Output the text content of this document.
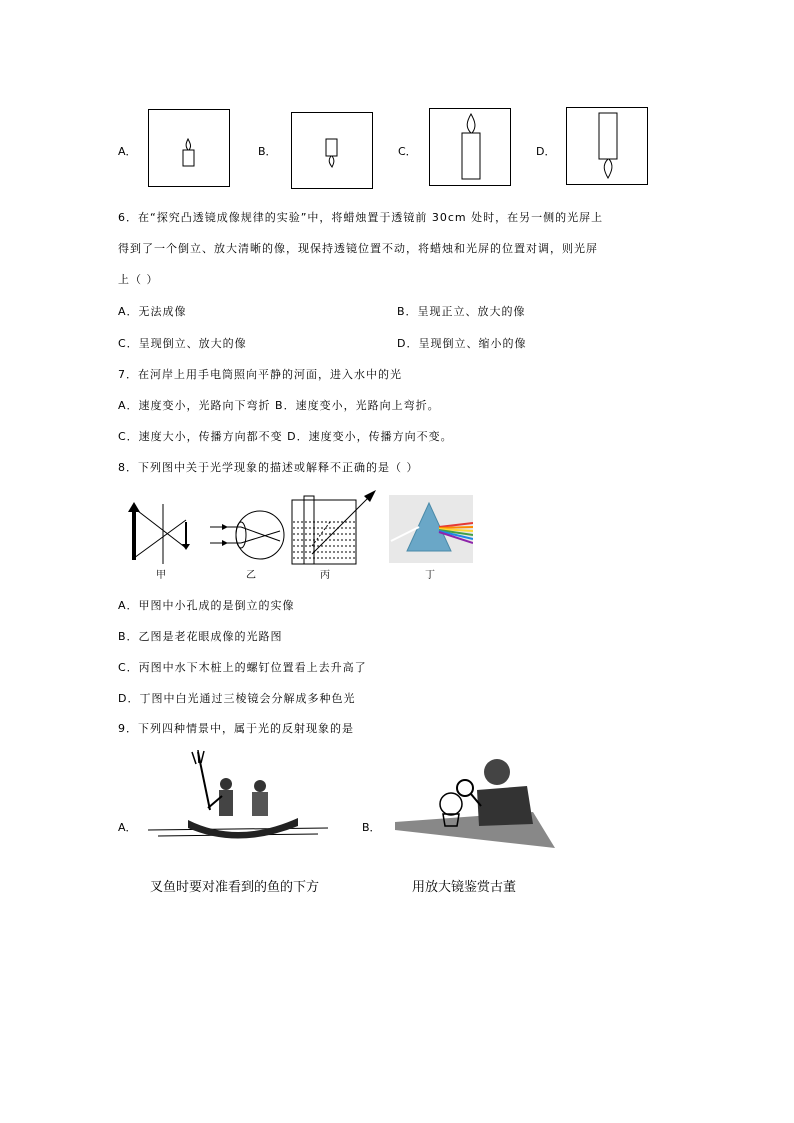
A．	B．	C．	D．
6．在“探究凸透镜成像规律的实验”中，将蜡烛置于透镜前 30cm 处时，在另一侧的光屏上
得到了一个倒立、放大清晰的像，现保持透镜位置不动，将蜡烛和光屏的位置对调，则光屏
上（ ）
A．无法成像	B．呈现正立、放大的像
C．呈现倒立、放大的像	D．呈现倒立、缩小的像
7．在河岸上用手电筒照向平静的河面，进入水中的光
A．速度变小，光路向下弯折 B．速度变小，光路向上弯折。
C．速度大小，传播方向都不变 D．速度变小，传播方向不变。
8．下列图中关于光学现象的描述或解释不正确的是（ ）
甲	乙	丙	丁
A．甲图中小孔成的是倒立的实像
B．乙图是老花眼成像的光路图
C．丙图中水下木桩上的螺钉位置看上去升高了
D．丁图中白光通过三棱镜会分解成多种色光
9．下列四种情景中，属于光的反射现象的是
A．
叉鱼时要对准看到的鱼的下方
B．
用放大镜鉴赏古董
